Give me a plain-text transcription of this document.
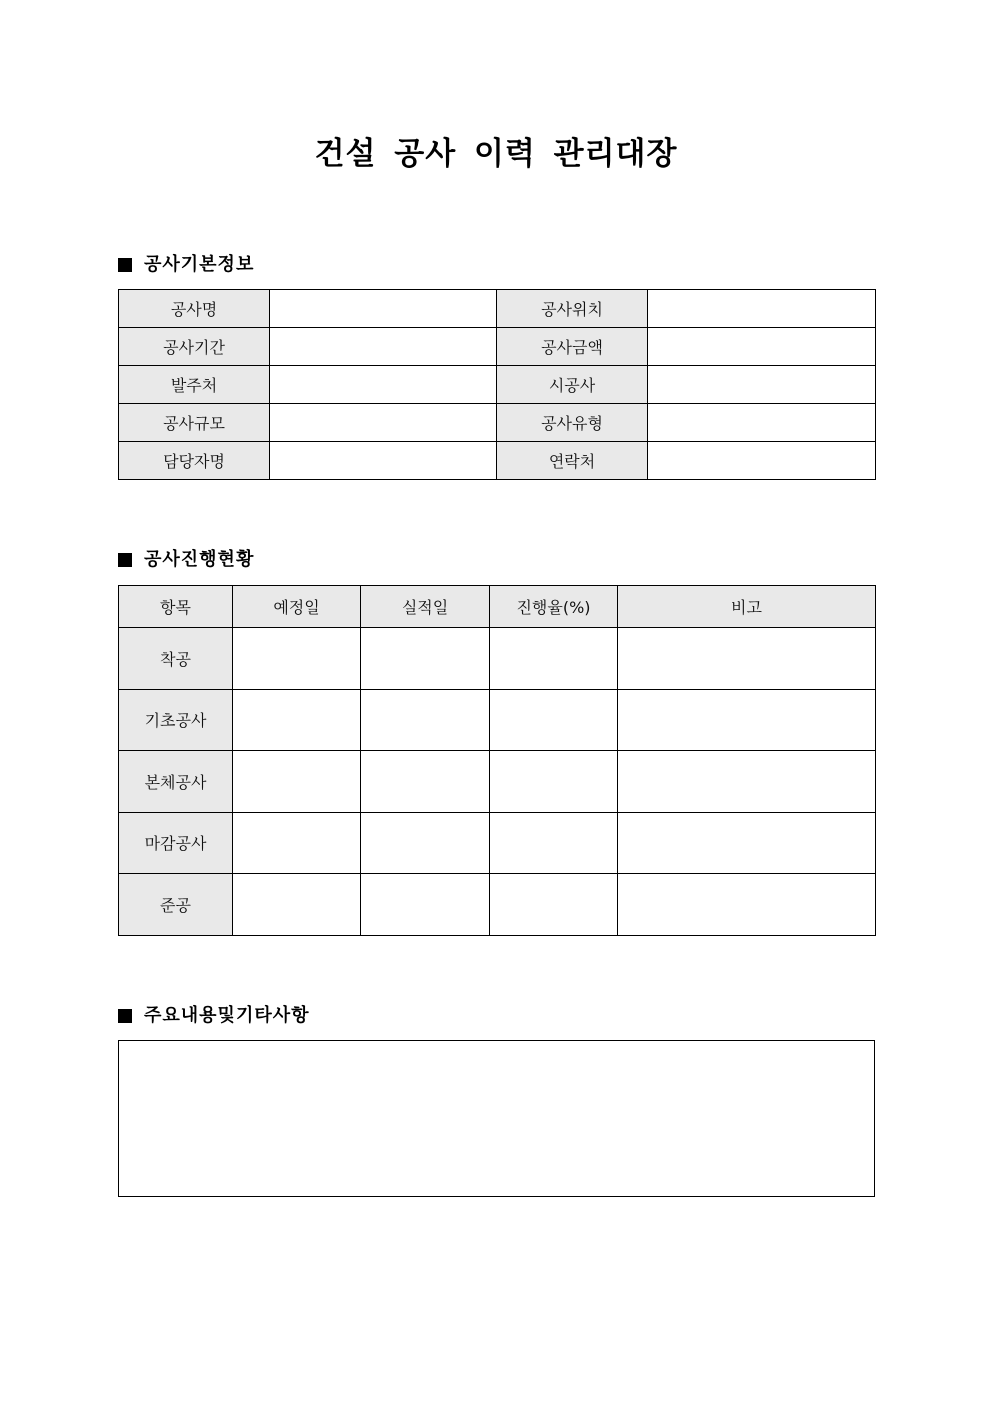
건설 공사 이력 관리대장
공사기본정보
공사명		공사위치	
공사기간		공사금액	
발주처		시공사	
공사규모		공사유형	
담당자명		연락처	
공사진행현황
항목	예정일	실적일	진행율(%)	비고
착공				
기초공사				
본체공사				
마감공사				
준공				
주요내용및기타사항
